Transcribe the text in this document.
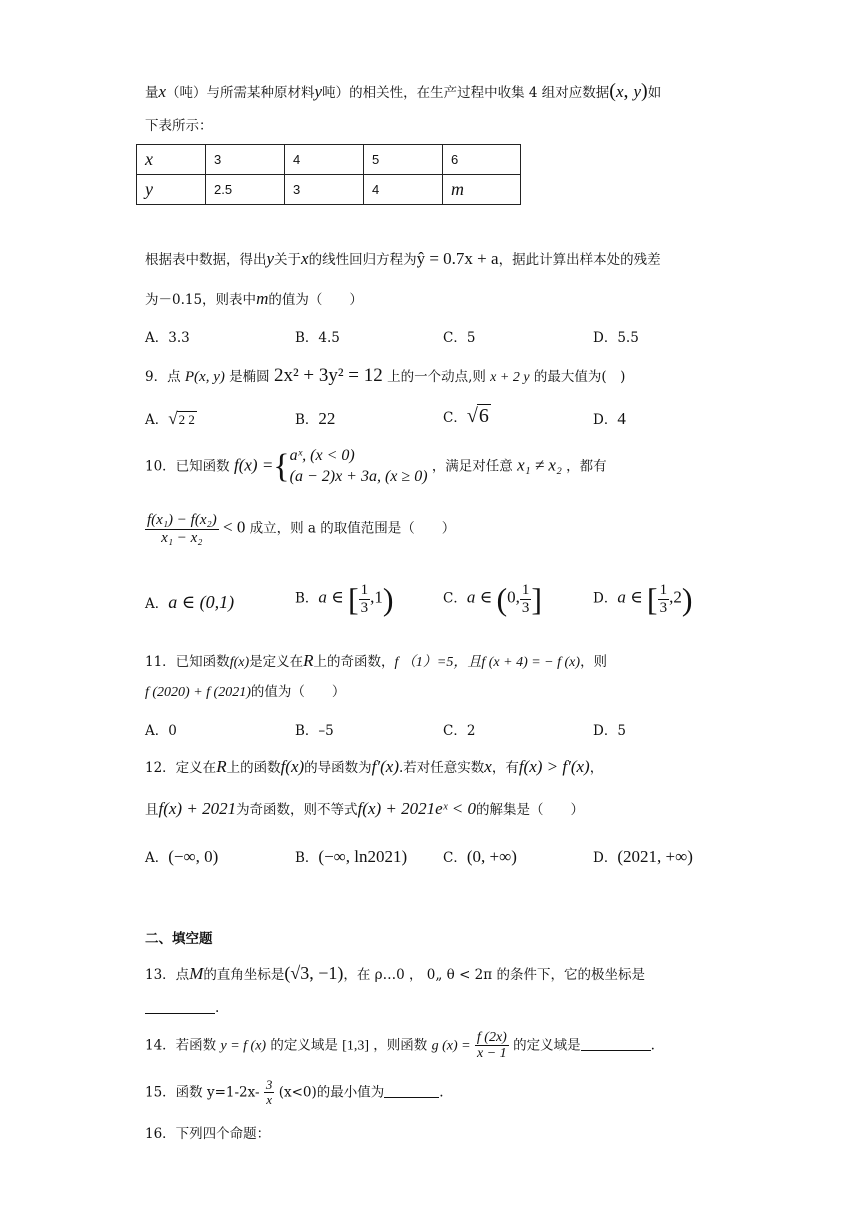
量x（吨）与所需某种原材料y吨）的相关性，在生产过程中收集 4 组对应数据(x, y)如
下表所示：
x	3	4	5	6
y	2.5	3	4	m
根据表中数据，得出y关于x的线性回归方程为ŷ = 0.7x + a，据此计算出样本处的残差
为－0.15，则表中m的值为（　　）
A．3.3	B．4.5	C．5	D．5.5
9．点 P(x, y) 是椭圆 2x² + 3y² = 12 上的一个动点,则 x + 2 y 的最大值为(　)
A．√2 2	B．22	C．√6	D．4
10．已知函数 f(x) ={ aˣ, (x < 0)
(a − 2)x + 3a, (x ≥ 0)
，满足对任意 x₁ ≠ x₂ ，都有
$\frac{\text{f(x₁) − f(x₂)}}{\text{x₁ − x₂}} < 0$ 成立，则 a 的取值范围是（　　）
A．a ∈ (0,1)	B．a ∈ [ $\frac{1}{3} ,1$)	C．a ∈ (0, $\frac{1}{3}$ ]	D．a ∈ [ $\frac{1}{3} ,2$)
11．已知函数f(x)是定义在R上的奇函数，f （1）=5，且f (x + 4) = − f (x)，则
f (2020) + f (2021)的值为（　　）
A．0	B．–5	C．2	D．5
12．定义在R上的函数f(x)的导函数为f′(x).若对任意实数x，有f(x) > f′(x)，
且f(x) + 2021为奇函数，则不等式f(x) + 2021eˣ < 0的解集是（　　）
A．(−∞, 0)	B．(−∞, ln2021)	C．(0, +∞)	D．(2021, +∞)
二、填空题
13．点M的直角坐标是(√3, −1)，在 ρ…0 ， 0„ θ < 2π 的条件下，它的极坐标是
.
14．若函数 y = f (x) 的定义域是 [1,3] ，则函数 g $(x) = \frac{f (2x)}{x - 1}$ 的定义域是	.
15．函数 $y=1-2x- \frac{3}{x} (x<0)$的最小值为	.
16．下列四个命题：
